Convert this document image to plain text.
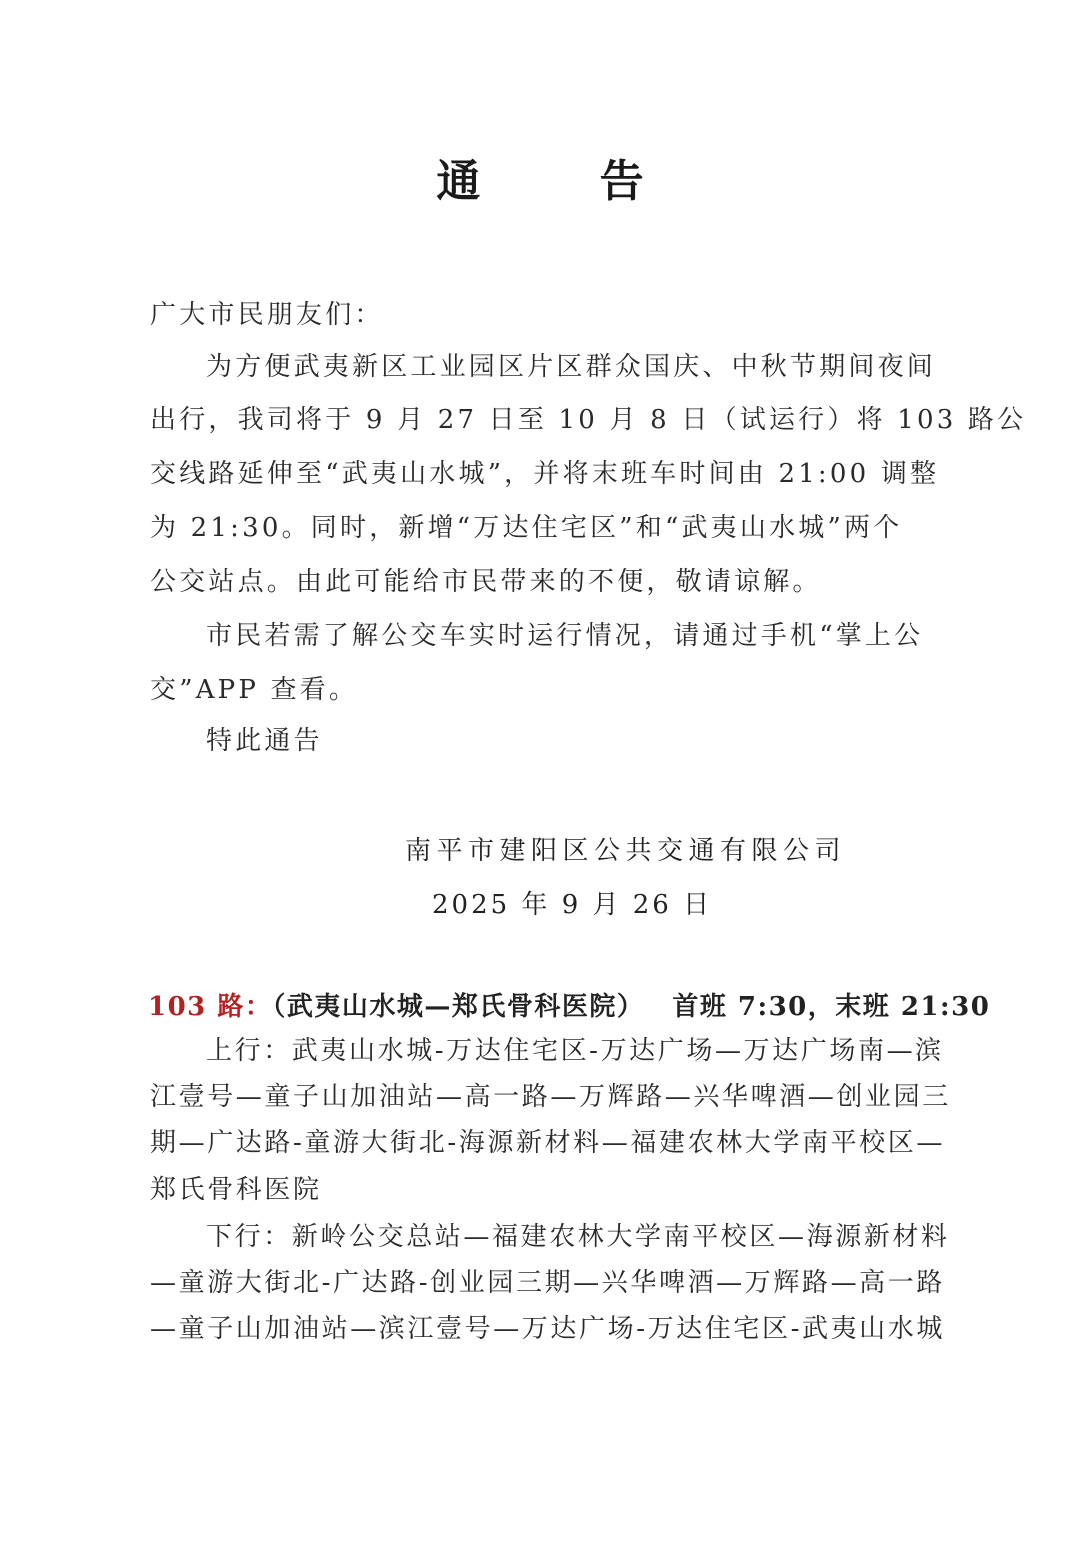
通 告
广大市民朋友们：
为方便武夷新区工业园区片区群众国庆、中秋节期间夜间
出行，我司将于 9 月 27 日至 10 月 8 日（试运行）将 103 路公
交线路延伸至“武夷山水城”，并将末班车时间由 21:00 调整
为 21:30。同时，新增“万达住宅区”和“武夷山水城”两个
公交站点。由此可能给市民带来的不便，敬请谅解。
市民若需了解公交车实时运行情况，请通过手机“掌上公
交”APP 查看。
特此通告
南平市建阳区公共交通有限公司
2025 年 9 月 26 日
103 路：（武夷山水城—郑氏骨科医院） 首班 7:30，末班 21:30
上行：武夷山水城-万达住宅区-万达广场—万达广场南—滨
江壹号—童子山加油站—高一路—万辉路—兴华啤酒—创业园三
期—广达路-童游大街北-海源新材料—福建农林大学南平校区—
郑氏骨科医院
下行：新岭公交总站—福建农林大学南平校区—海源新材料
—童游大街北-广达路-创业园三期—兴华啤酒—万辉路—高一路
—童子山加油站—滨江壹号—万达广场-万达住宅区-武夷山水城
